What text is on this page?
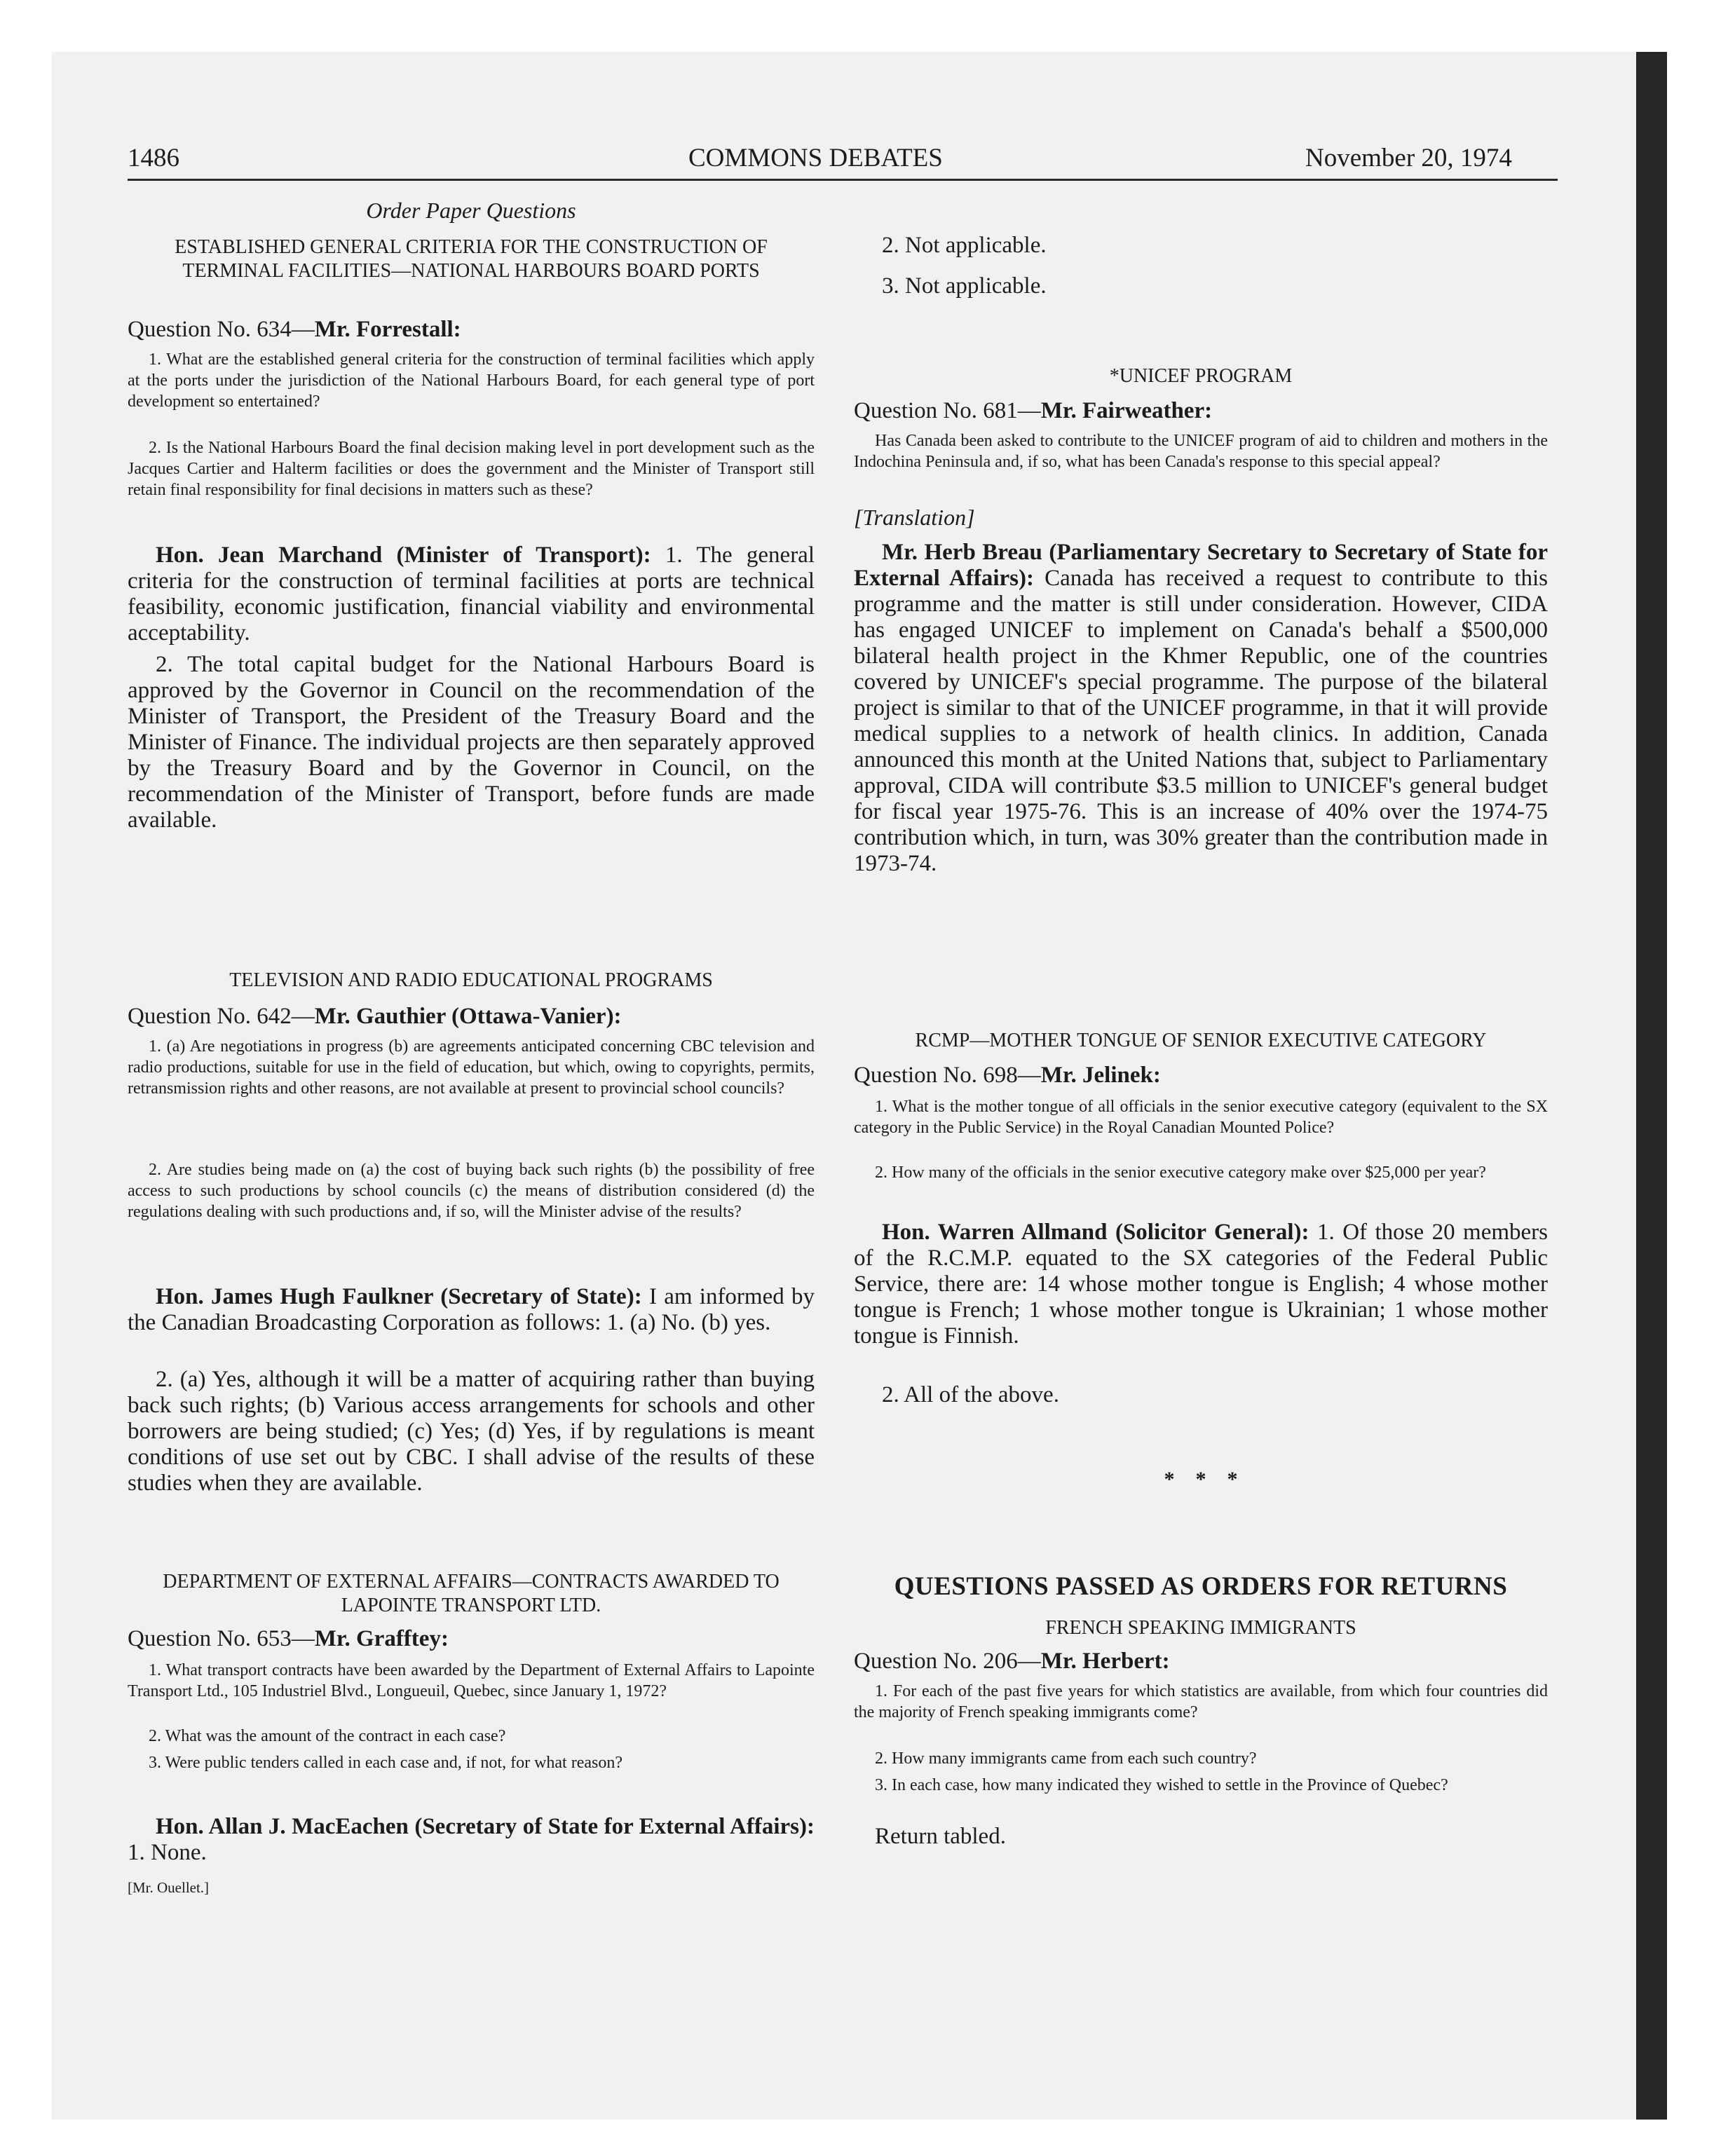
1486	COMMONS DEBATES	November 20, 1974
Order Paper Questions
ESTABLISHED GENERAL CRITERIA FOR THE CONSTRUCTION OF TERMINAL FACILITIES—NATIONAL HARBOURS BOARD PORTS
Question No. 634—Mr. Forrestall:

1. What are the established general criteria for the construction of terminal facilities which apply at the ports under the jurisdiction of the National Harbours Board, for each general type of port development so entertained?

2. Is the National Harbours Board the final decision making level in port development such as the Jacques Cartier and Halterm facilities or does the government and the Minister of Transport still retain final responsibility for final decisions in matters such as these?

Hon. Jean Marchand (Minister of Transport): 1. The general criteria for the construction of terminal facilities at ports are technical feasibility, economic justification, financial viability and environmental acceptability.

2. The total capital budget for the National Harbours Board is approved by the Governor in Council on the recommendation of the Minister of Transport, the President of the Treasury Board and the Minister of Finance. The individual projects are then separately approved by the Treasury Board and by the Governor in Council, on the recommendation of the Minister of Transport, before funds are made available.

TELEVISION AND RADIO EDUCATIONAL PROGRAMS
Question No. 642—Mr. Gauthier (Ottawa-Vanier):

1. (a) Are negotiations in progress (b) are agreements anticipated concerning CBC television and radio productions, suitable for use in the field of education, but which, owing to copyrights, permits, retransmission rights and other reasons, are not available at present to provincial school councils?

2. Are studies being made on (a) the cost of buying back such rights (b) the possibility of free access to such productions by school councils (c) the means of distribution considered (d) the regulations dealing with such productions and, if so, will the Minister advise of the results?

Hon. James Hugh Faulkner (Secretary of State): I am informed by the Canadian Broadcasting Corporation as follows: 1. (a) No. (b) yes.

2. (a) Yes, although it will be a matter of acquiring rather than buying back such rights; (b) Various access arrangements for schools and other borrowers are being studied; (c) Yes; (d) Yes, if by regulations is meant conditions of use set out by CBC. I shall advise of the results of these studies when they are available.

DEPARTMENT OF EXTERNAL AFFAIRS—CONTRACTS AWARDED TO LAPOINTE TRANSPORT LTD.
Question No. 653—Mr. Grafftey:

1. What transport contracts have been awarded by the Department of External Affairs to Lapointe Transport Ltd., 105 Industriel Blvd., Longueuil, Quebec, since January 1, 1972?

2. What was the amount of the contract in each case?

3. Were public tenders called in each case and, if not, for what reason?

Hon. Allan J. MacEachen (Secretary of State for External Affairs): 1. None.

[Mr. Ouellet.]
2. Not applicable.
3. Not applicable.
*UNICEF PROGRAM
Question No. 681—Mr. Fairweather:

Has Canada been asked to contribute to the UNICEF program of aid to children and mothers in the Indochina Peninsula and, if so, what has been Canada's response to this special appeal?

[Translation]

Mr. Herb Breau (Parliamentary Secretary to Secretary of State for External Affairs): Canada has received a request to contribute to this programme and the matter is still under consideration. However, CIDA has engaged UNICEF to implement on Canada's behalf a $500,000 bilateral health project in the Khmer Republic, one of the countries covered by UNICEF's special programme. The purpose of the bilateral project is similar to that of the UNICEF programme, in that it will provide medical supplies to a network of health clinics. In addition, Canada announced this month at the United Nations that, subject to Parliamentary approval, CIDA will contribute $3.5 million to UNICEF's general budget for fiscal year 1975-76. This is an increase of 40% over the 1974-75 contribution which, in turn, was 30% greater than the contribution made in 1973-74.

RCMP—MOTHER TONGUE OF SENIOR EXECUTIVE CATEGORY
Question No. 698—Mr. Jelinek:

1. What is the mother tongue of all officials in the senior executive category (equivalent to the SX category in the Public Service) in the Royal Canadian Mounted Police?

2. How many of the officials in the senior executive category make over $25,000 per year?

Hon. Warren Allmand (Solicitor General): 1. Of those 20 members of the R.C.M.P. equated to the SX categories of the Federal Public Service, there are: 14 whose mother tongue is English; 4 whose mother tongue is French; 1 whose mother tongue is Ukrainian; 1 whose mother tongue is Finnish.

2. All of the above.

*    *    *
QUESTIONS PASSED AS ORDERS FOR RETURNS
FRENCH SPEAKING IMMIGRANTS
Question No. 206—Mr. Herbert:

1. For each of the past five years for which statistics are available, from which four countries did the majority of French speaking immigrants come?

2. How many immigrants came from each such country?

3. In each case, how many indicated they wished to settle in the Province of Quebec?

Return tabled.
